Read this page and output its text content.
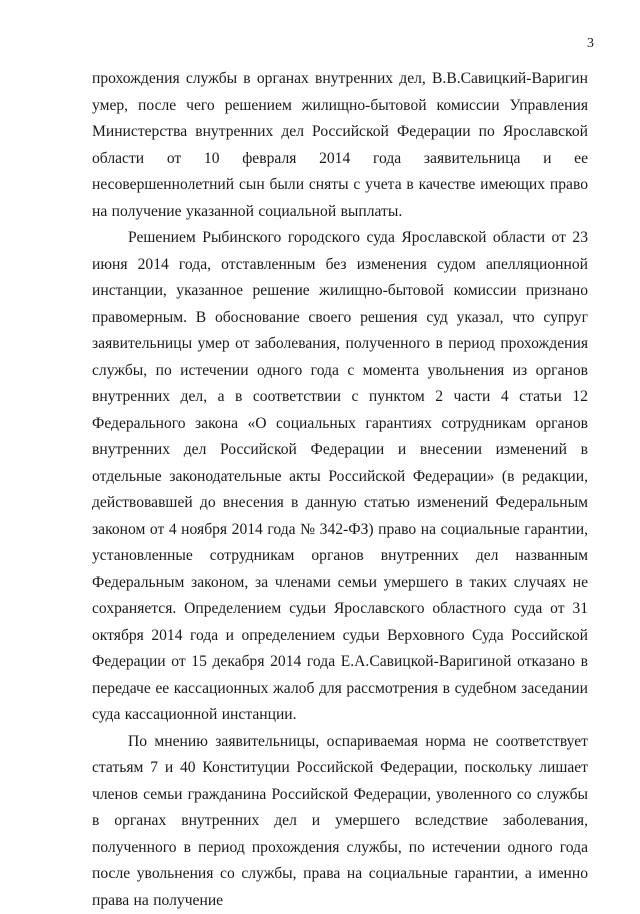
3

прохождения службы в органах внутренних дел, В.В.Савицкий-Варигин умер, после чего решением жилищно-бытовой комиссии Управления Министерства внутренних дел Российской Федерации по Ярославской области от 10 февраля 2014 года заявительница и ее несовершеннолетний сын были сняты с учета в качестве имеющих право на получение указанной социальной выплаты.

Решением Рыбинского городского суда Ярославской области от 23 июня 2014 года, отставленным без изменения судом апелляционной инстанции, указанное решение жилищно-бытовой комиссии признано правомерным. В обоснование своего решения суд указал, что супруг заявительницы умер от заболевания, полученного в период прохождения службы, по истечении одного года с момента увольнения из органов внутренних дел, а в соответствии с пунктом 2 части 4 статьи 12 Федерального закона «О социальных гарантиях сотрудникам органов внутренних дел Российской Федерации и внесении изменений в отдельные законодательные акты Российской Федерации» (в редакции, действовавшей до внесения в данную статью изменений Федеральным законом от 4 ноября 2014 года № 342-ФЗ) право на социальные гарантии, установленные сотрудникам органов внутренних дел названным Федеральным законом, за членами семьи умершего в таких случаях не сохраняется. Определением судьи Ярославского областного суда от 31 октября 2014 года и определением судьи Верховного Суда Российской Федерации от 15 декабря 2014 года Е.А.Савицкой-Варигиной отказано в передаче ее кассационных жалоб для рассмотрения в судебном заседании суда кассационной инстанции.

По мнению заявительницы, оспариваемая норма не соответствует статьям 7 и 40 Конституции Российской Федерации, поскольку лишает членов семьи гражданина Российской Федерации, уволенного со службы в органах внутренних дел и умершего вследствие заболевания, полученного в период прохождения службы, по истечении одного года после увольнения со службы, права на социальные гарантии, а именно права на получение
